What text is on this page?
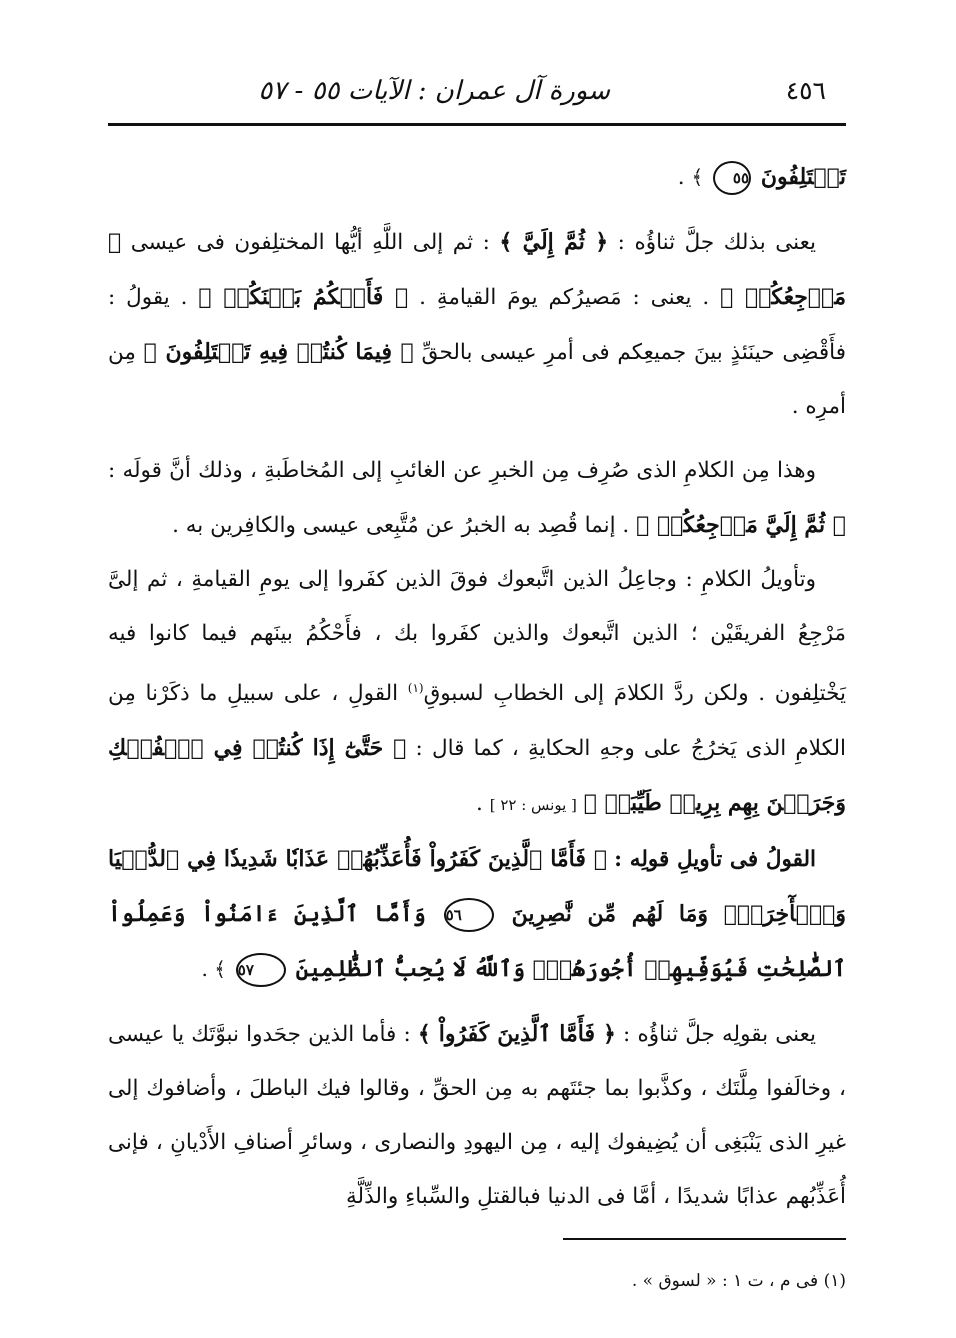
٤٥٦
سورة آل عمران : الآيات ٥٥ - ٥٧

تَخۡتَلِفُونَ ٥٥ ﴾ .

يعنى بذلك جلَّ ثناؤُه : ﴿ ثُمَّ إِلَيَّ ﴾ : ثم إلى اللَّهِ أيُّها المختلِفون فى عيسى ﴿ مَرۡجِعُكُمۡ ﴾ . يعنى : مَصيرُكم يومَ القيامةِ . ﴿ فَأَحۡكُمُ بَيۡنَكُمۡ ﴾ . يقولُ : فأَقْضِى حينَئذٍ بينَ جميعِكم فى أمرِ عيسى بالحقِّ ﴿ فِيمَا كُنتُمۡ فِيهِ تَخۡتَلِفُونَ ﴾ مِن أمرِه .

وهذا مِن الكلامِ الذى صُرِف مِن الخبرِ عن الغائبِ إلى المُخاطَبةِ ، وذلك أنَّ قولَه : ﴿ ثُمَّ إِلَيَّ مَرۡجِعُكُمۡ ﴾ . إنما قُصِد به الخبرُ عن مُتَّبِعى عيسى والكافِرين به .

وتأويلُ الكلامِ : وجاعِلُ الذين اتَّبعوك فوقَ الذين كفَروا إلى يومِ القيامةِ ، ثم إلىَّ مَرْجِعُ الفريقَيْن ؛ الذين اتَّبعوك والذين كفَروا بك ، فأَحْكُمُ بينَهم فيما كانوا فيه يَخْتلِفون . ولكن ردَّ الكلامَ إلى الخطابِ لسبوقِ$^{(١)}$ القولِ ، على سبيلِ ما ذكَرْنا مِن الكلامِ الذى يَخرُجُ على وجهِ الحكايةِ ، كما قال : ﴿ حَتَّىٰٓ إِذَا كُنتُمۡ فِي ٱلۡفُلۡكِ وَجَرَيۡنَ بِهِم بِرِيحٖ طَيِّبَةٖ ﴾ [ يونس : ٢٢ ] .

القولُ فى تأويلِ قولِه : ﴿ فَأَمَّا ٱلَّذِينَ كَفَرُواْ فَأُعَذِّبُهُمۡ عَذَابٗا شَدِيدٗا فِي ٱلدُّنۡيَا وَٱلۡأٓخِرَةِۖ وَمَا لَهُم مِّن نَّٰصِرِينَ ٥٦ وَأَمَّا ٱلَّذِينَ ءَامَنُواْ وَعَمِلُواْ ٱلصَّٰلِحَٰتِ فَيُوَفِّيهِمۡ أُجُورَهُمۡۗ وَٱللَّهُ لَا يُحِبُّ ٱلظَّٰلِمِينَ ٥٧ ﴾ .

يعنى بقولِه جلَّ ثناؤُه : ﴿ فَأَمَّا ٱلَّذِينَ كَفَرُواْ ﴾ : فأما الذين جحَدوا نبوَّتَك يا عيسى ، وخالَفوا مِلَّتَك ، وكذَّبوا بما جئتَهم به مِن الحقِّ ، وقالوا فيك الباطلَ ، وأضافوك إلى غيرِ الذى يَنْبَغِى أن يُضِيفوك إليه ، مِن اليهودِ والنصارى ، وسائرِ أصنافِ الأَدْيانِ ، فإنى أُعَذِّبُهم عذابًا شديدًا ، أمَّا فى الدنيا فبالقتلِ والسِّباءِ والذِّلَّةِ

(١) فى م ، ت ١ : « لسوق » .
